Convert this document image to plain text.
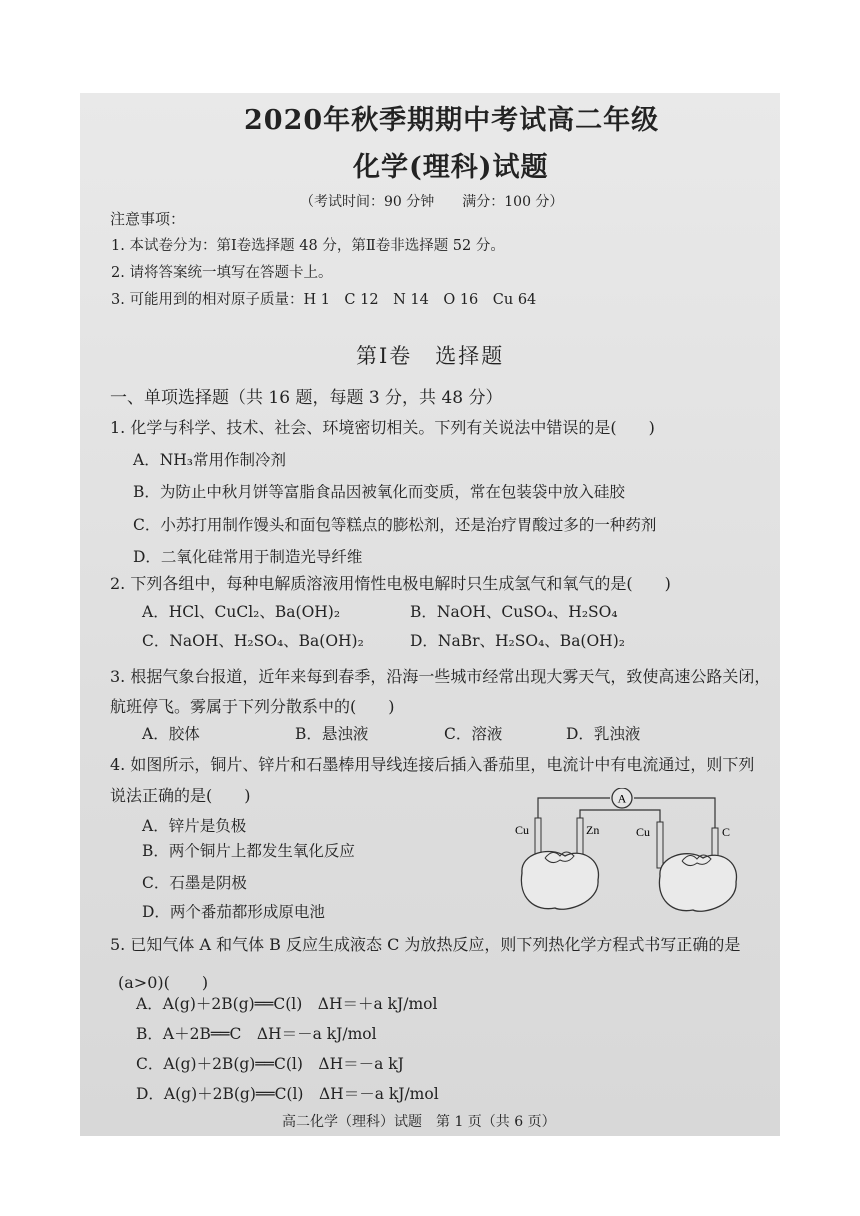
2020年秋季期期中考试高二年级
化学(理科)试题
（考试时间：90 分钟　　满分：100 分）
注意事项：
1. 本试卷分为：第Ⅰ卷选择题 48 分，第Ⅱ卷非选择题 52 分。
2. 请将答案统一填写在答题卡上。
3. 可能用到的相对原子质量：H 1　C 12　N 14　O 16　Cu 64
第Ⅰ卷　选择题
一、单项选择题（共 16 题，每题 3 分，共 48 分）
1. 化学与科学、技术、社会、环境密切相关。下列有关说法中错误的是(　　)
A．NH₃常用作制冷剂
B．为防止中秋月饼等富脂食品因被氧化而变质，常在包装袋中放入硅胶
C．小苏打用制作馒头和面包等糕点的膨松剂，还是治疗胃酸过多的一种药剂
D．二氧化硅常用于制造光导纤维
2. 下列各组中，每种电解质溶液用惰性电极电解时只生成氢气和氧气的是(　　)
A．HCl、CuCl₂、Ba(OH)₂	B．NaOH、CuSO₄、H₂SO₄
C．NaOH、H₂SO₄、Ba(OH)₂	D．NaBr、H₂SO₄、Ba(OH)₂
3. 根据气象台报道，近年来每到春季，沿海一些城市经常出现大雾天气，致使高速公路关闭，
航班停飞。雾属于下列分散系中的(　　)
A．胶体	B．悬浊液	C．溶液	D．乳浊液
4. 如图所示，铜片、锌片和石墨棒用导线连接后插入番茄里，电流计中有电流通过，则下列
说法正确的是(　　)
A．锌片是负极
B．两个铜片上都发生氧化反应
C．石墨是阴极
D．两个番茄都形成原电池
A
Cu	Zn	Cu	C
5. 已知气体 A 和气体 B 反应生成液态 C 为放热反应，则下列热化学方程式书写正确的是
(a>0)(　　)
A．A(g)＋2B(g)══C(l)　ΔH＝＋a kJ/mol
B．A＋2B══C　ΔH＝－a kJ/mol
C．A(g)＋2B(g)══C(l)　ΔH＝－a kJ
D．A(g)＋2B(g)══C(l)　ΔH＝－a kJ/mol
高二化学（理科）试题　第 1 页（共 6 页）
